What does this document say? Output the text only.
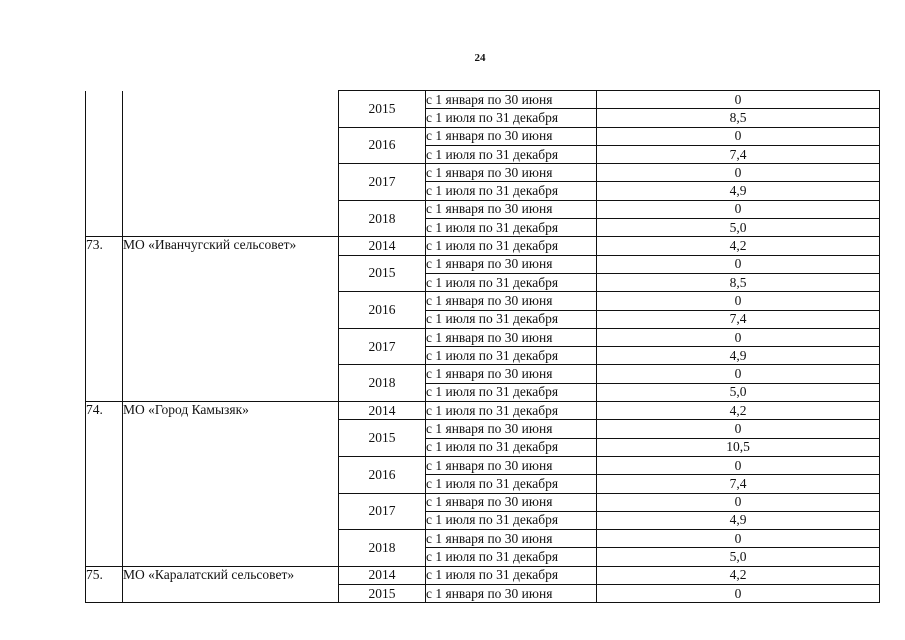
24
		2015	с 1 января по 30 июня	0
			с 1 июля по 31 декабря	8,5
		2016	с 1 января по 30 июня	0
			с 1 июля по 31 декабря	7,4
		2017	с 1 января по 30 июня	0
			с 1 июля по 31 декабря	4,9
		2018	с 1 января по 30 июня	0
			с 1 июля по 31 декабря	5,0
73.	МО «Иванчугский сельсовет»	2014	с 1 июля по 31 декабря	4,2
		2015	с 1 января по 30 июня	0
			с 1 июля по 31 декабря	8,5
		2016	с 1 января по 30 июня	0
			с 1 июля по 31 декабря	7,4
		2017	с 1 января по 30 июня	0
			с 1 июля по 31 декабря	4,9
		2018	с 1 января по 30 июня	0
			с 1 июля по 31 декабря	5,0
74.	МО «Город Камызяк»	2014	с 1 июля по 31 декабря	4,2
		2015	с 1 января по 30 июня	0
			с 1 июля по 31 декабря	10,5
		2016	с 1 января по 30 июня	0
			с 1 июля по 31 декабря	7,4
		2017	с 1 января по 30 июня	0
			с 1 июля по 31 декабря	4,9
		2018	с 1 января по 30 июня	0
			с 1 июля по 31 декабря	5,0
75.	МО «Каралатский сельсовет»	2014	с 1 июля по 31 декабря	4,2
		2015	с 1 января по 30 июня	0
